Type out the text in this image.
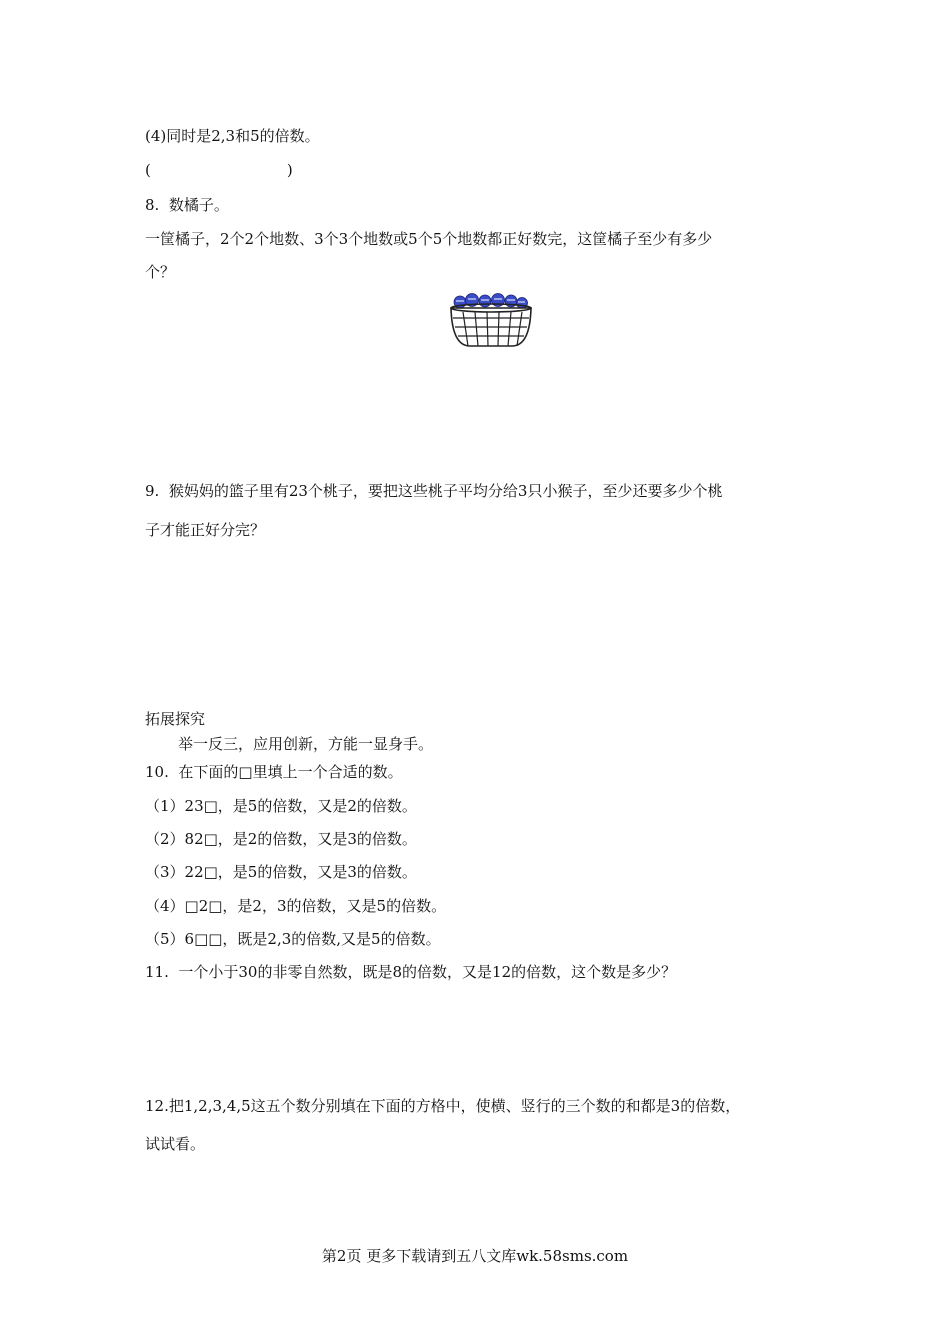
(4)同时是2,3和5的倍数。
(	)
8.  数橘子。
一筐橘子，2个2个地数、3个3个地数或5个5个地数都正好数完，这筐橘子至少有多少
个？
9.  猴妈妈的篮子里有23个桃子，要把这些桃子平均分给3只小猴子，至少还要多少个桃
子才能正好分完？
拓展探究
举一反三，应用创新，方能一显身手。
10.  在下面的□里填上一个合适的数。
（1）23□，是5的倍数，又是2的倍数。
（2）82□，是2的倍数，又是3的倍数。
（3）22□，是5的倍数，又是3的倍数。
（4）□2□，是2，3的倍数，又是5的倍数。
（5）6□□，既是2,3的倍数,又是5的倍数。
11.  一个小于30的非零自然数，既是8的倍数，又是12的倍数，这个数是多少？
12.把1,2,3,4,5这五个数分别填在下面的方格中，使横、竖行的三个数的和都是3的倍数，
试试看。
第2页 更多下载请到五八文库wk.58sms.com
